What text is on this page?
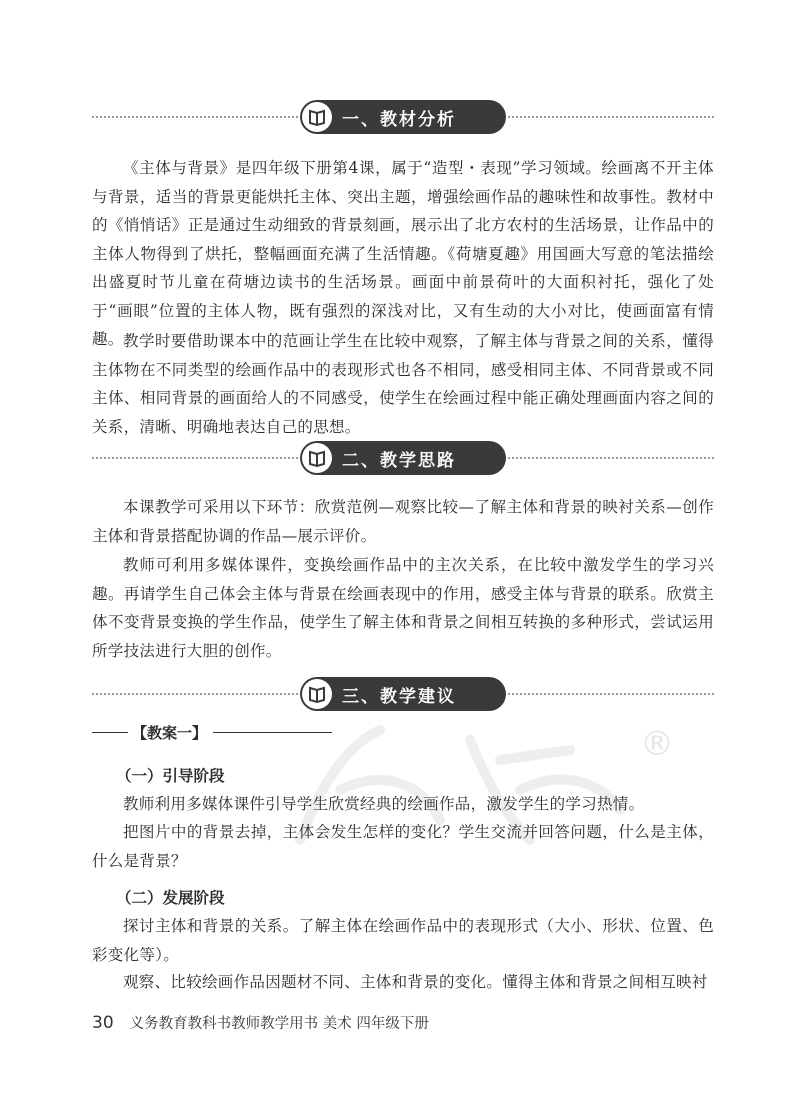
一、教材分析

《主体与背景》是四年级下册第4课，属于“造型・表现”学习领域。绘画离不开主体与背景，适当的背景更能烘托主体、突出主题，增强绘画作品的趣味性和故事性。教材中的《悄悄话》正是通过生动细致的背景刻画，展示出了北方农村的生活场景，让作品中的主体人物得到了烘托，整幅画面充满了生活情趣。《荷塘夏趣》用国画大写意的笔法描绘出盛夏时节儿童在荷塘边读书的生活场景。画面中前景荷叶的大面积衬托，强化了处于“画眼”位置的主体人物，既有强烈的深浅对比，又有生动的大小对比，使画面富有情趣。 教学时要借助课本中的范画让学生在比较中观察，了解主体与背景之间的关系，懂得主体物在不同类型的绘画作品中的表现形式也各不相同，感受相同主体、不同背景或不同主体、相同背景的画面给人的不同感受，使学生在绘画过程中能正确处理画面内容之间的关系，清晰、明确地表达自己的思想。

二、教学思路

本课教学可采用以下环节：欣赏范例—观察比较—了解主体和背景的映衬关系—创作主体和背景搭配协调的作品—展示评价。

教师可利用多媒体课件，变换绘画作品中的主次关系，在比较中激发学生的学习兴趣。再请学生自己体会主体与背景在绘画表现中的作用，感受主体与背景的联系。欣赏主体不变背景变换的学生作品，使学生了解主体和背景之间相互转换的多种形式，尝试运用所学技法进行大胆的创作。

三、教学建议
®
【教案一】
（一）引导阶段

教师利用多媒体课件引导学生欣赏经典的绘画作品，激发学生的学习热情。

把图片中的背景去掉，主体会发生怎样的变化？学生交流并回答问题，什么是主体，什么是背景？

（二）发展阶段

探讨主体和背景的关系。了解主体在绘画作品中的表现形式（大小、形状、位置、色彩变化等）。

观察、比较绘画作品因题材不同、主体和背景的变化。懂得主体和背景之间相互映衬

30 义务教育教科书教师教学用书 美术 四年级下册
